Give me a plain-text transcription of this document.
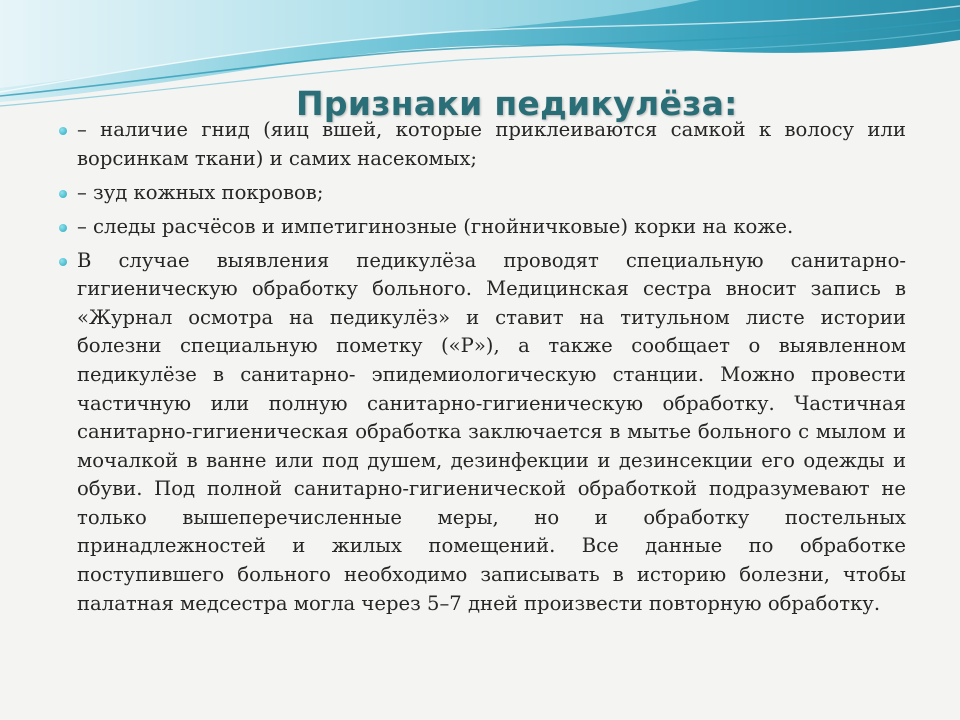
Признаки педикулёза:
– наличие гнид (яиц вшей, которые приклеиваются самкой к волосу или ворсинкам ткани) и самих насекомых;
– зуд кожных покровов;
– следы расчёсов и импетигинозные (гнойничковые) корки на коже.
В случае выявления педикулёза проводят специальную санитарно-гигиеническую обработку больного. Медицинская сестра вносит запись в «Журнал осмотра на педикулёз» и ставит на титульном листе истории болезни специальную пометку («Р»), а также сообщает о выявленном педикулёзе в санитарно- эпидемиологическую станции. Можно провести частичную или полную санитарно-гигиеническую обработку. Частичная санитарно-гигиеническая обработка заключается в мытье больного с мылом и мочалкой в ванне или под душем, дезинфекции и дезинсекции его одежды и обуви. Под полной санитарно-гигиенической обработкой подразумевают не только вышеперечисленные меры, но и обработку постельных принадлежностей и жилых помещений. Все данные по обработке поступившего больного необходимо записывать в историю болезни, чтобы палатная медсестра могла через 5–7 дней произвести повторную обработку.
